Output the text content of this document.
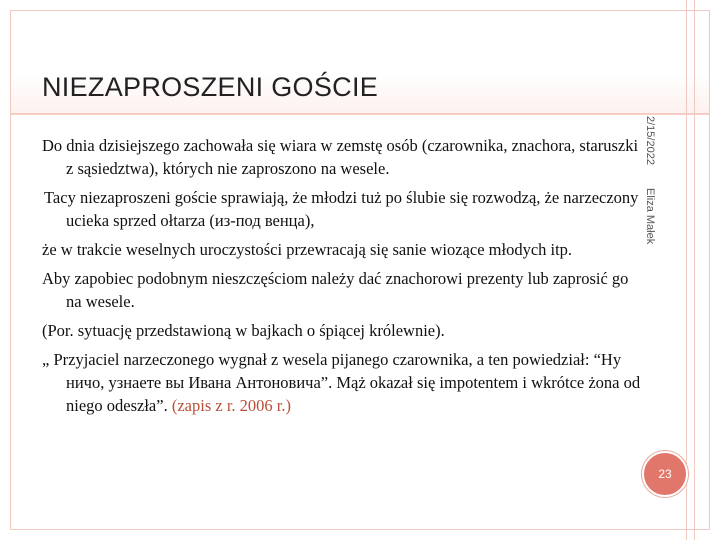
NIEZAPROSZENI GOŚCIE
2/15/2022
Eliza Małek

Do dnia dzisiejszego zachowała się wiara w zemstę osób (czarownika, znachora, staruszki z sąsiedztwa), których nie zaproszono na wesele.

Tacy niezaproszeni goście sprawiają, że młodzi tuż po ślubie się rozwodzą, że narzeczony ucieka sprzed ołtarza (из-под венца),

że w trakcie weselnych uroczystości przewracają się sanie wiozące młodych itp.

Aby zapobiec podobnym nieszczęściom należy dać znachorowi prezenty lub zaprosić go na wesele.

(Por. sytuację przedstawioną w bajkach o śpiącej królewnie).

„ Przyjaciel narzeczonego wygnał z wesela pijanego czarownika, a ten powiedział: “Ну ничо, узнаете вы Ивана Антоновича”. Mąż okazał się impotentem i wkrótce żona od niego odeszła”. (zapis z r. 2006 r.)

23
